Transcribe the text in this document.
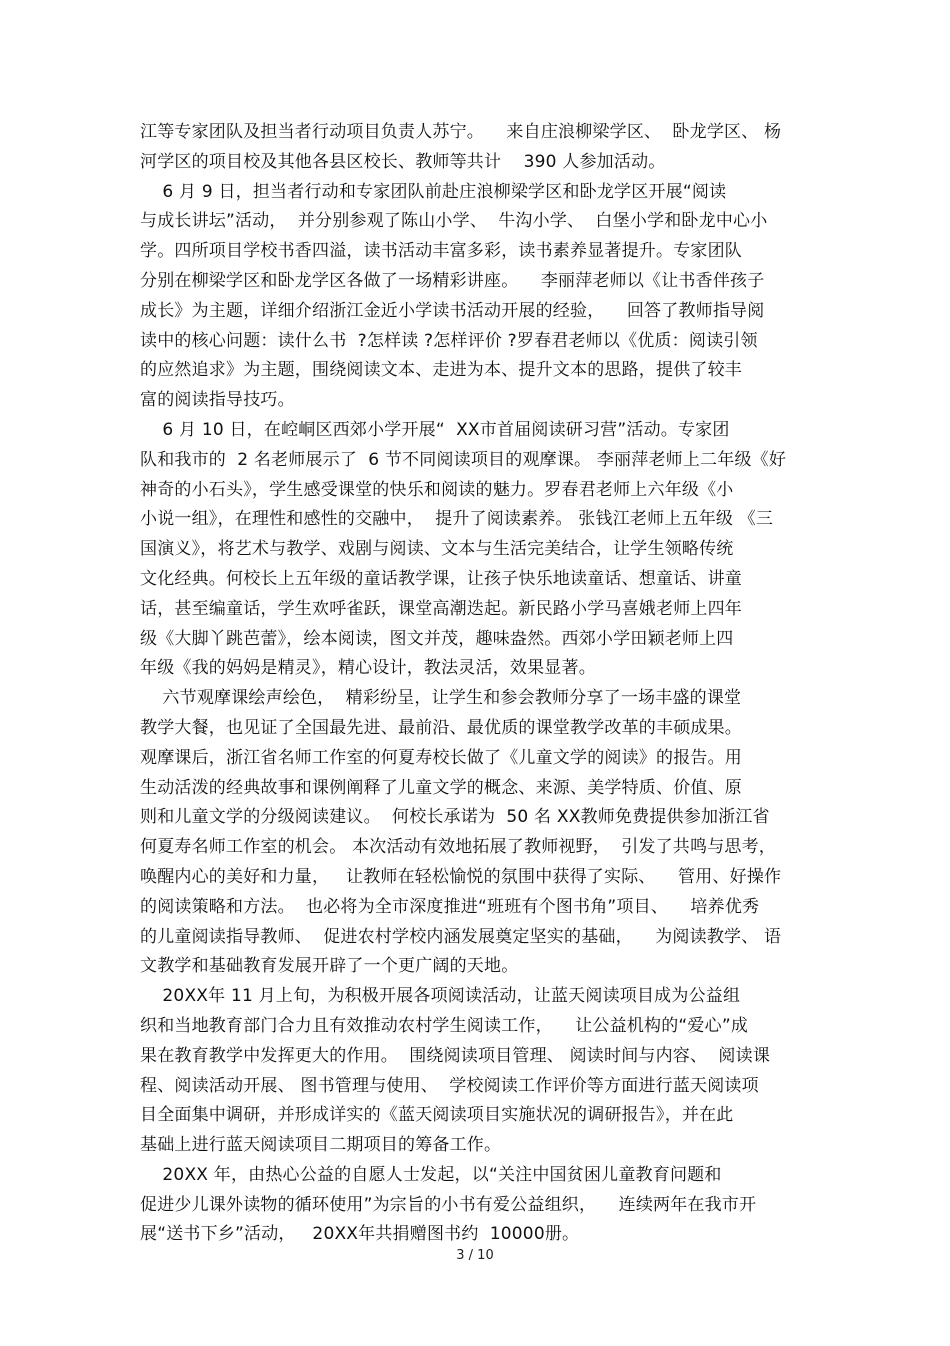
江等专家团队及担当者行动项目负责人苏宁。    来自庄浪柳梁学区、  卧龙学区、 杨
河学区的项目校及其他各县区校长、教师等共计    390 人参加活动。
6 月 9 日，担当者行动和专家团队前赴庄浪柳梁学区和卧龙学区开展“阅读
与成长讲坛”活动，  并分别参观了陈山小学、  牛沟小学、  白堡小学和卧龙中心小
学。四所项目学校书香四溢，读书活动丰富多彩，读书素养显著提升。专家团队
分别在柳梁学区和卧龙学区各做了一场精彩讲座。    李丽萍老师以《让书香伴孩子
成长》为主题，详细介绍浙江金近小学读书活动开展的经验，    回答了教师指导阅
读中的核心问题：读什么书  ?怎样读 ?怎样评价 ?罗春君老师以《优质：阅读引领
的应然追求》为主题，围绕阅读文本、走进为本、提升文本的思路，提供了较丰
富的阅读指导技巧。
6 月 10 日，在崆峒区西郊小学开展“  XX市首届阅读研习营”活动。专家团
队和我市的  2 名老师展示了  6 节不同阅读项目的观摩课。 李丽萍老师上二年级《好
神奇的小石头》，学生感受课堂的快乐和阅读的魅力。罗春君老师上六年级《小
小说一组》，在理性和感性的交融中，  提升了阅读素养。 张钱江老师上五年级 《三
国演义》，将艺术与教学、戏剧与阅读、文本与生活完美结合，让学生领略传统
文化经典。何校长上五年级的童话教学课，让孩子快乐地读童话、想童话、讲童
话，甚至编童话，学生欢呼雀跃，课堂高潮迭起。新民路小学马喜娥老师上四年
级《大脚丫跳芭蕾》，绘本阅读，图文并茂，趣味盎然。西郊小学田颖老师上四
年级《我的妈妈是精灵》，精心设计，教法灵活，效果显著。
六节观摩课绘声绘色，  精彩纷呈，让学生和参会教师分享了一场丰盛的课堂
教学大餐，也见证了全国最先进、最前沿、最优质的课堂教学改革的丰硕成果。
观摩课后，浙江省名师工作室的何夏寿校长做了《儿童文学的阅读》的报告。用
生动活泼的经典故事和课例阐释了儿童文学的概念、来源、美学特质、价值、原
则和儿童文学的分级阅读建议。  何校长承诺为  50 名 XX教师免费提供参加浙江省
何夏寿名师工作室的机会。 本次活动有效地拓展了教师视野，  引发了共鸣与思考，
唤醒内心的美好和力量，   让教师在轻松愉悦的氛围中获得了实际、    管用、好操作
的阅读策略和方法。  也必将为全市深度推进“班班有个图书角”项目、    培养优秀
的儿童阅读指导教师、  促进农村学校内涵发展奠定坚实的基础，    为阅读教学、 语
文教学和基础教育发展开辟了一个更广阔的天地。
20XX年 11 月上旬，为积极开展各项阅读活动，让蓝天阅读项目成为公益组
织和当地教育部门合力且有效推动农村学生阅读工作，    让公益机构的“爱心”成
果在教育教学中发挥更大的作用。  围绕阅读项目管理、 阅读时间与内容、  阅读课
程、阅读活动开展、 图书管理与使用、  学校阅读工作评价等方面进行蓝天阅读项
目全面集中调研，并形成详实的《蓝天阅读项目实施状况的调研报告》，并在此
基础上进行蓝天阅读项目二期项目的筹备工作。
20XX 年，由热心公益的自愿人士发起，以“关注中国贫困儿童教育问题和
促进少儿课外读物的循环使用”为宗旨的小书有爱公益组织，    连续两年在我市开
展“送书下乡”活动，   20XX年共捐赠图书约  10000册。
3 / 10
